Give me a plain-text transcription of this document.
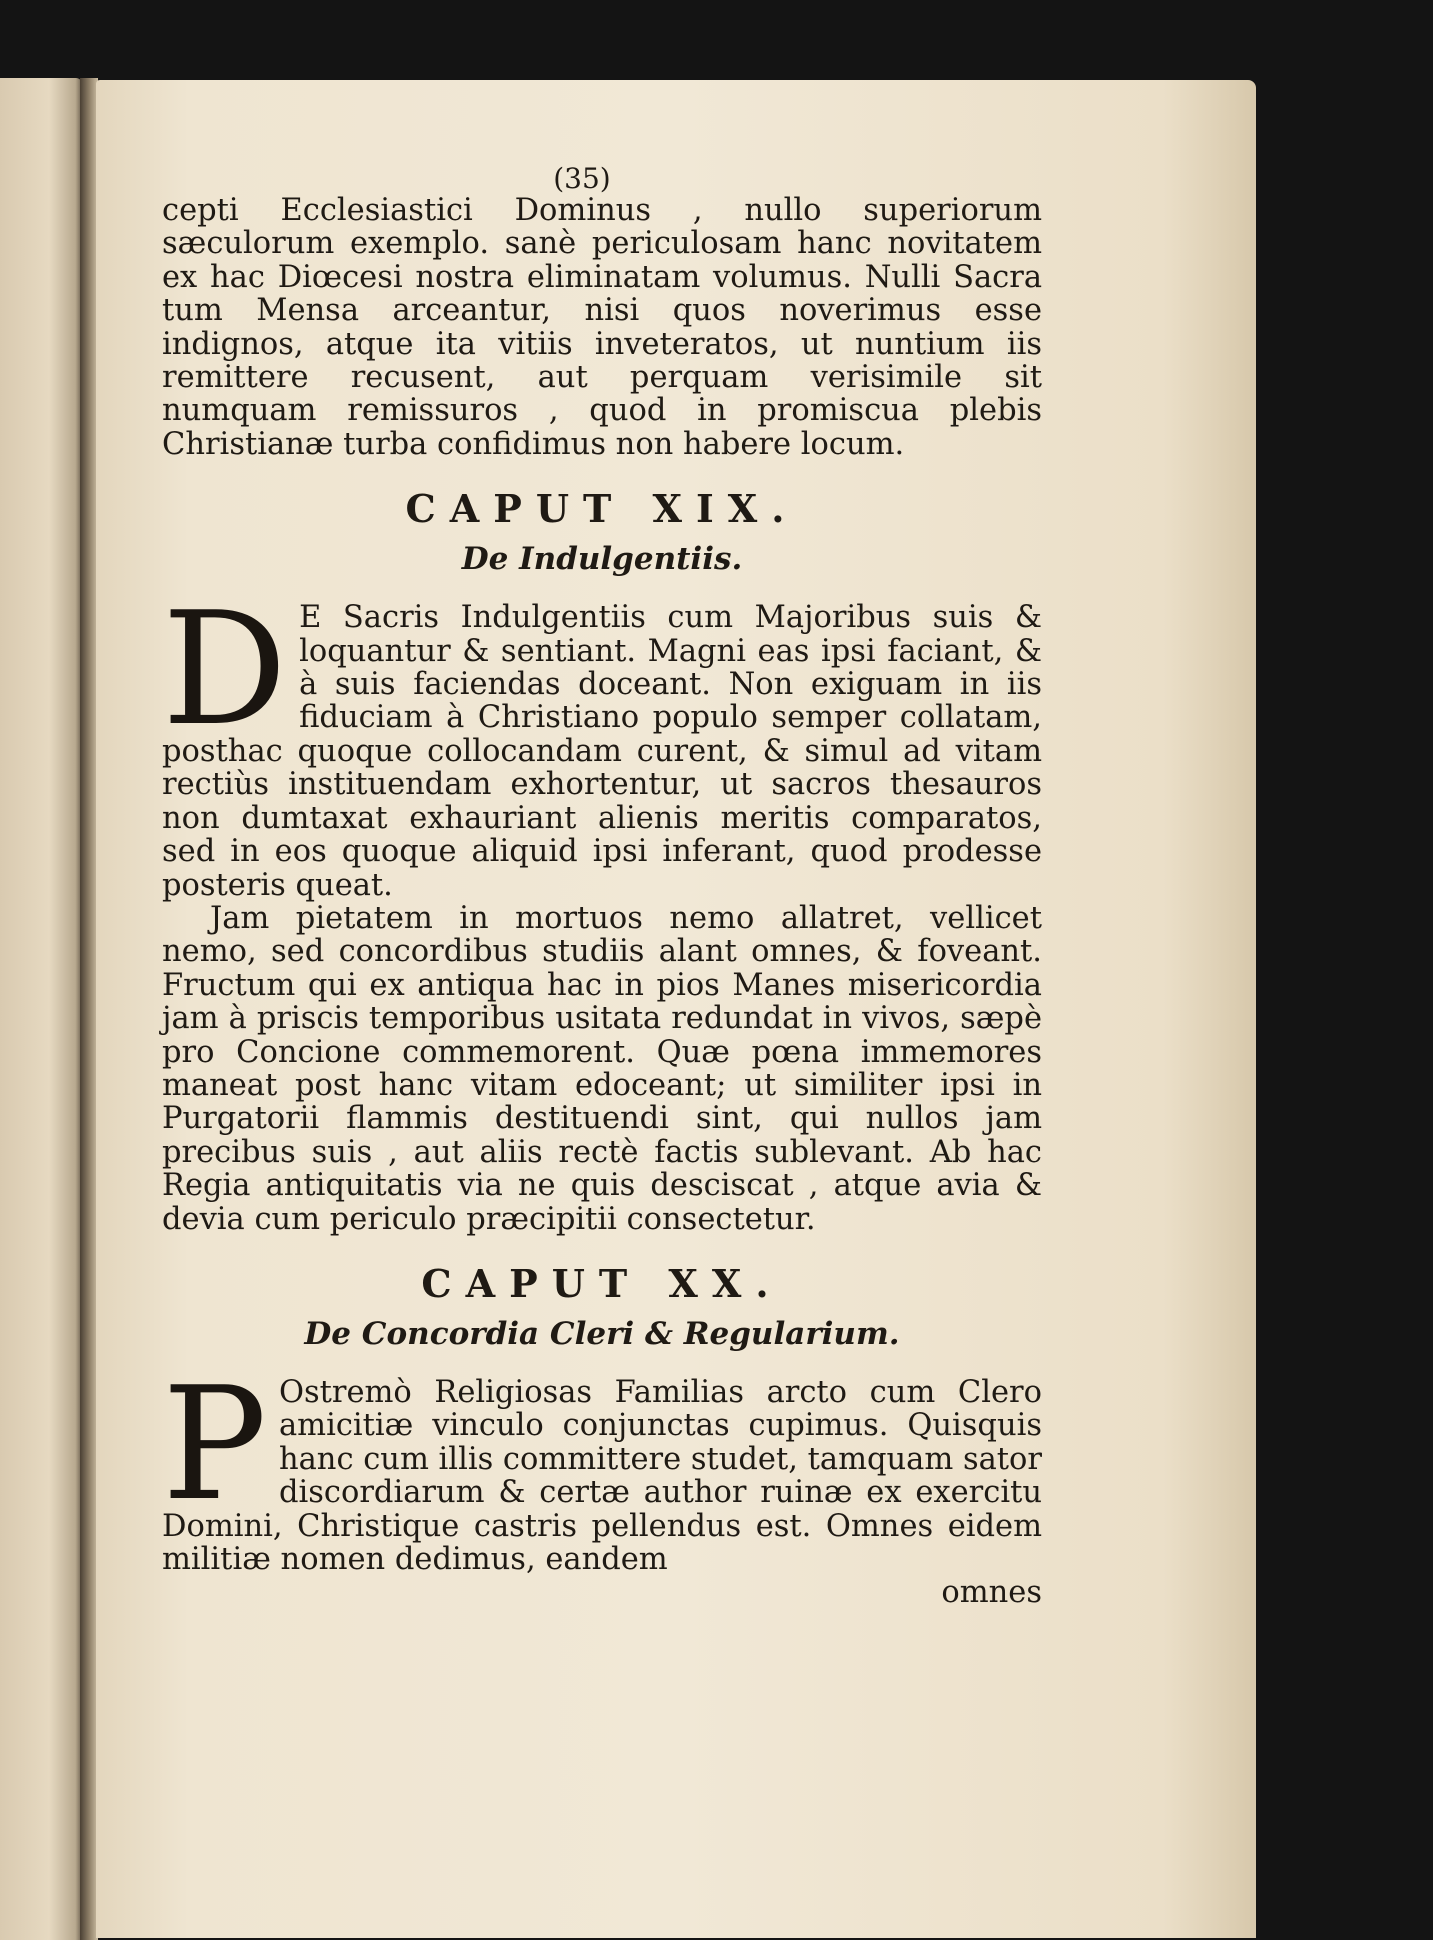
(35)

cepti Ecclesiastici Dominus , nullo superiorum sæculorum exemplo. sanè periculosam hanc novitatem ex hac Diœcesi nostra eliminatam volumus. Nulli Sacra tum Mensa arceantur, nisi quos noverimus esse indignos, atque ita vitiis inveteratos, ut nuntium iis remittere recusent, aut perquam verisimile sit numquam remissuros , quod in promiscua plebis Christianæ turba confidimus non habere locum.

CAPUT XIX.
De Indulgentiis.
D E Sacris Indulgentiis cum Majoribus suis & loquantur & sentiant. Magni eas ipsi faciant, & à suis faciendas doceant. Non exiguam in iis fiduciam à Christiano populo semper collatam, posthac quoque collocandam curent, & simul ad vitam rectiùs instituendam exhortentur, ut sacros thesauros non dumtaxat exhauriant alienis meritis comparatos, sed in eos quoque aliquid ipsi inferant, quod prodesse posteris queat.

Jam pietatem in mortuos nemo allatret, vellicet nemo, sed concordibus studiis alant omnes, & foveant. Fructum qui ex antiqua hac in pios Manes misericordia jam à priscis temporibus usitata redundat in vivos, sæpè pro Concione commemorent. Quæ pœna immemores maneat post hanc vitam edoceant; ut similiter ipsi in Purgatorii flammis destituendi sint, qui nullos jam precibus suis , aut aliis rectè factis sublevant. Ab hac Regia antiquitatis via ne quis desciscat , atque avia & devia cum periculo præcipitii consectetur.

CAPUT XX.
De Concordia Cleri & Regularium.
P Ostremò Religiosas Familias arcto cum Clero amicitiæ vinculo conjunctas cupimus. Quisquis hanc cum illis committere studet, tamquam sator discordiarum & certæ author ruinæ ex exercitu Domini, Christique castris pellendus est. Omnes eidem militiæ nomen dedimus, eandem

omnes
